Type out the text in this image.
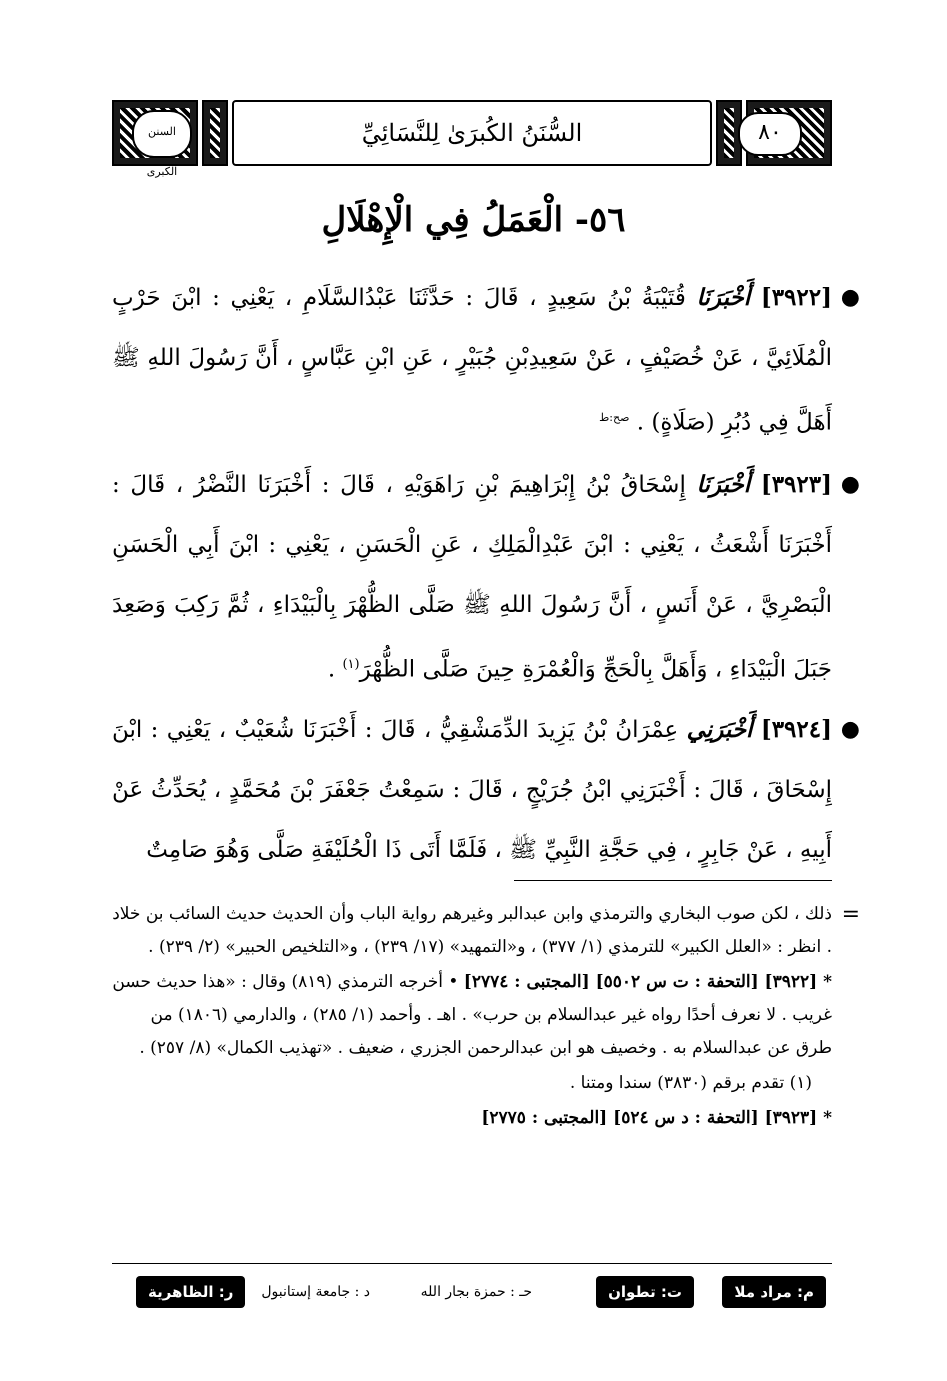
السنن الكبرى
السُّنَنُ الكُبرَىٰ لِلنَّسَائِيِّ	٨٠
٥٦- الْعَمَلُ فِي الْإِهْلَالِ
●
[٣٩٢٢] أَخْبَرَنَا قُتَيْبَةُ بْنُ سَعِيدٍ ، قَالَ : حَدَّثَنَا عَبْدُالسَّلَامِ ، يَعْنِي : ابْنَ حَرْبٍ الْمُلَائِيَّ ، عَنْ خُصَيْفٍ ، عَنْ سَعِيدِبْنِ جُبَيْرٍ ، عَنِ ابْنِ عَبَّاسٍ ، أَنَّ رَسُولَ اللهِ ﷺ أَهَلَّ فِي دُبُرِ (صَلَاةٍ) . $^{صح:ط}$
●
[٣٩٢٣] أَخْبَرَنَا إِسْحَاقُ بْنُ إِبْرَاهِيمَ بْنِ رَاهَوَيْهِ ، قَالَ : أَخْبَرَنَا النَّضْرُ ، قَالَ : أَخْبَرَنَا أَشْعَثُ ، يَعْنِي : ابْنَ عَبْدِالْمَلِكِ ، عَنِ الْحَسَنِ ، يَعْنِي : ابْنَ أَبِي الْحَسَنِ الْبَصْرِيَّ ، عَنْ أَنَسٍ ، أَنَّ رَسُولَ اللهِ ﷺ صَلَّى الظُّهْرَ بِالْبَيْدَاءِ ، ثُمَّ رَكِبَ وَصَعِدَ جَبَلَ الْبَيْدَاءِ ، وَأَهَلَّ بِالْحَجِّ وَالْعُمْرَةِ حِينَ صَلَّى الظُّهْرَ$^{(١)}$ .
●
[٣٩٢٤] أَخْبَرَنِي عِمْرَانُ بْنُ يَزِيدَ الدِّمَشْقِيُّ ، قَالَ : أَخْبَرَنَا شُعَيْبٌ ، يَعْنِي : ابْنَ إِسْحَاقَ ، قَالَ : أَخْبَرَنِي ابْنُ جُرَيْجٍ ، قَالَ : سَمِعْتُ جَعْفَرَ بْنَ مُحَمَّدٍ ، يُحَدِّثُ عَنْ أَبِيهِ ، عَنْ جَابِرٍ ، فِي حَجَّةِ النَّبِيِّ ﷺ ، فَلَمَّا أَتَى ذَا الْحُلَيْفَةِ صَلَّى وَهُوَ صَامِتٌ
=

ذلك ، لكن صوب البخاري والترمذي وابن عبدالبر وغيرهم رواية الباب وأن الحديث حديث السائب بن خلاد . انظر : «العلل الكبير» للترمذي (١/ ٣٧٧) ، و«التمهيد» (١٧/ ٢٣٩) ، و«التلخيص الحبير» (٢/ ٢٣٩) .

* [٣٩٢٢] [التحفة : ت س ٥٥٠٢] [المجتبى : ٢٧٧٤] • أخرجه الترمذي (٨١٩) وقال : «هذا حديث حسن غريب . لا نعرف أحدًا رواه غير عبدالسلام بن حرب» . اهـ . وأحمد (١/ ٢٨٥) ، والدارمي (١٨٠٦) من طرق عن عبدالسلام به . وخصيف هو ابن عبدالرحمن الجزري ، ضعيف . «تهذيب الكمال» (٨/ ٢٥٧) .

(١) تقدم برقم (٣٨٣٠) سندا ومتنا .

* [٣٩٢٣] [التحفة : د س ٥٢٤] [المجتبى : ٢٧٧٥]

م: مراد ملا
ت: تطوان
حـ : حمزة بجار الله
د : جامعة إستانبول
ر: الظاهرية
